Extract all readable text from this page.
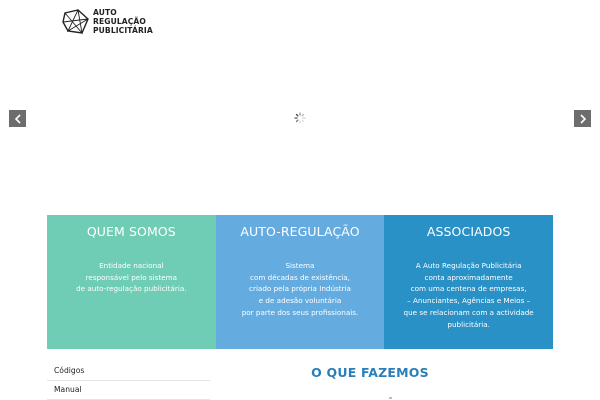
AUTO
REGULAÇÃO
PUBLICITÁRIA
QUEM SOMOS
Entidade nacional
responsável pelo sistema
de auto-regulação publicitária.
AUTO-REGULAÇÃO
Sistema
com décadas de existência,
criado pela própria Indústria
e de adesão voluntária
por parte dos seus profissionais.
ASSOCIADOS
A Auto Regulação Publicitária
conta aproximadamente
com uma centena de empresas,
– Anunciantes, Agências e Meios –
que se relacionam com a actividade
publicitária.
Códigos
Manual
O QUE FAZEMOS
